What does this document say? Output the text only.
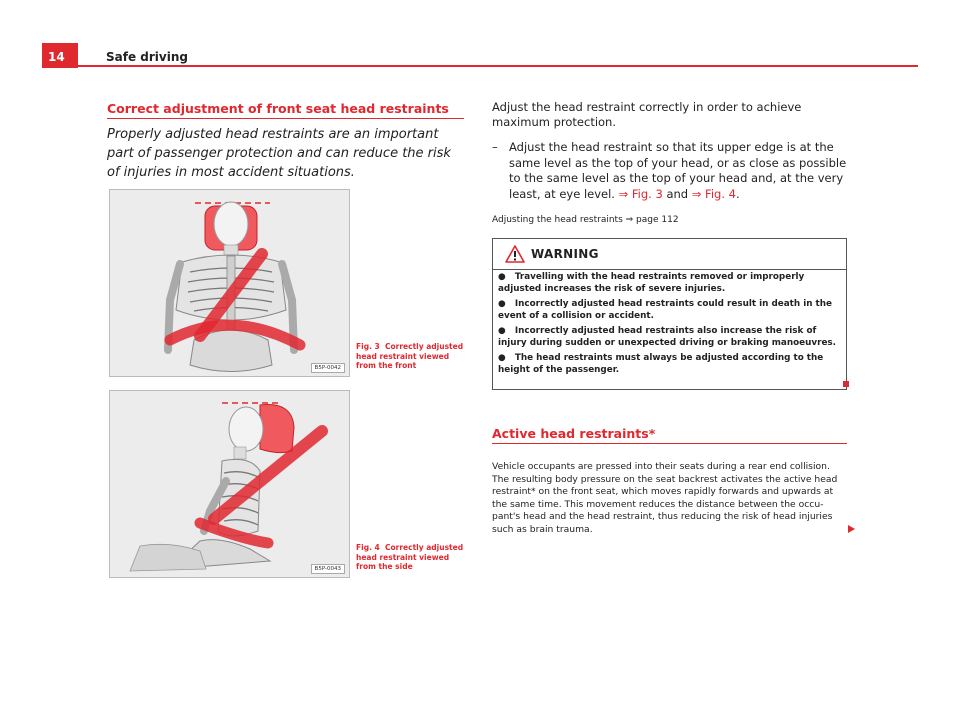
14	Safe driving
Correct adjustment of front seat head restraints
Properly adjusted head restraints are an important part of passenger protection and can reduce the risk of injuries in most accident situations.
B5P-0042
Fig. 3 Correctly adjusted head restraint viewed from the front
B5P-0043
Fig. 4 Correctly adjusted head restraint viewed from the side
Adjust the head restraint correctly in order to achieve maximum protection.
– Adjust the head restraint so that its upper edge is at the same level as the top of your head, or as close as possible to the same level as the top of your head and, at the very least, at eye level. ⇒ Fig. 3 and ⇒ Fig. 4.
Adjusting the head restraints ⇒ page 112
WARNING
●   Travelling with the head restraints removed or improperly adjusted increases the risk of severe injuries.
●   Incorrectly adjusted head restraints could result in death in the event of a collision or accident.
●   Incorrectly adjusted head restraints also increase the risk of injury during sudden or unexpected driving or braking manoeuvres.
●   The head restraints must always be adjusted according to the height of the passenger.
Active head restraints*
Vehicle occupants are pressed into their seats during a rear end collision. The resulting body pressure on the seat backrest activates the active head restraint* on the front seat, which moves rapidly forwards and upwards at the same time. This movement reduces the distance between the occu- pant's head and the head restraint, thus reducing the risk of head injuries such as brain trauma.
